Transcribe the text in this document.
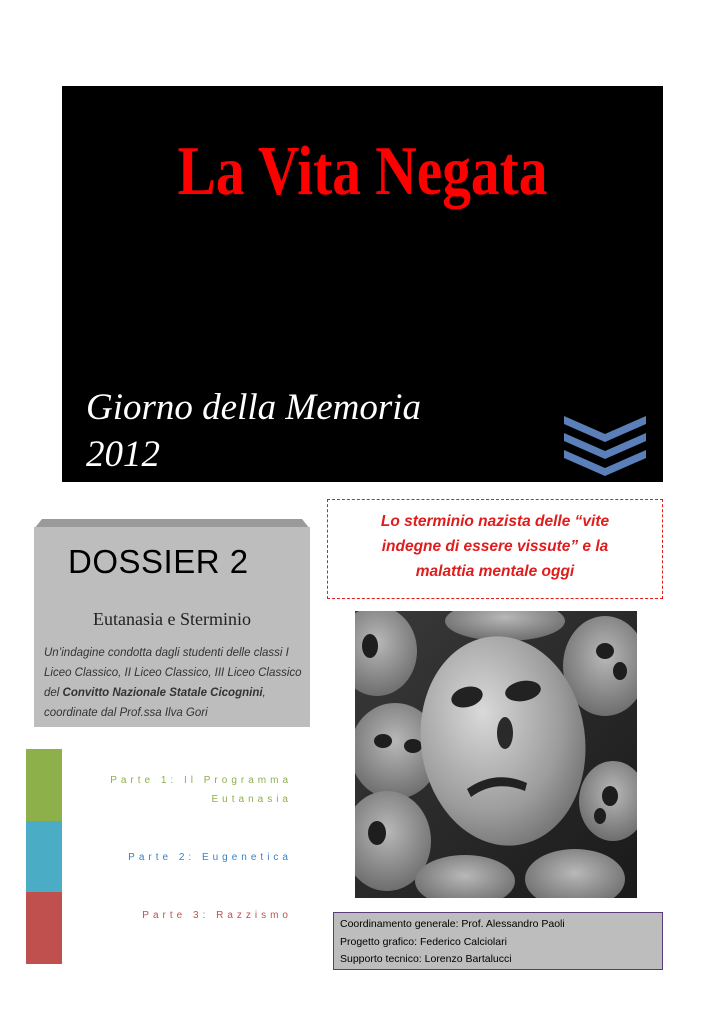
La Vita Negata
Giorno della Memoria
2012
DOSSIER 2
Eutanasia e Sterminio
Un’indagine condotta dagli studenti delle classi I Liceo Classico, II Liceo Classico, III Liceo Classico del Convitto Nazionale Statale Cicognini, coordinate dal Prof.ssa Ilva Gori
Lo sterminio nazista delle “vite
indegne di essere vissute” e la
malattia mentale oggi
Parte 1: Il Programma
Eutanasia
Parte 2: Eugenetica
Parte 3: Razzismo
Coordinamento generale: Prof. Alessandro Paoli
Progetto grafico: Federico Calciolari
Supporto tecnico: Lorenzo Bartalucci
